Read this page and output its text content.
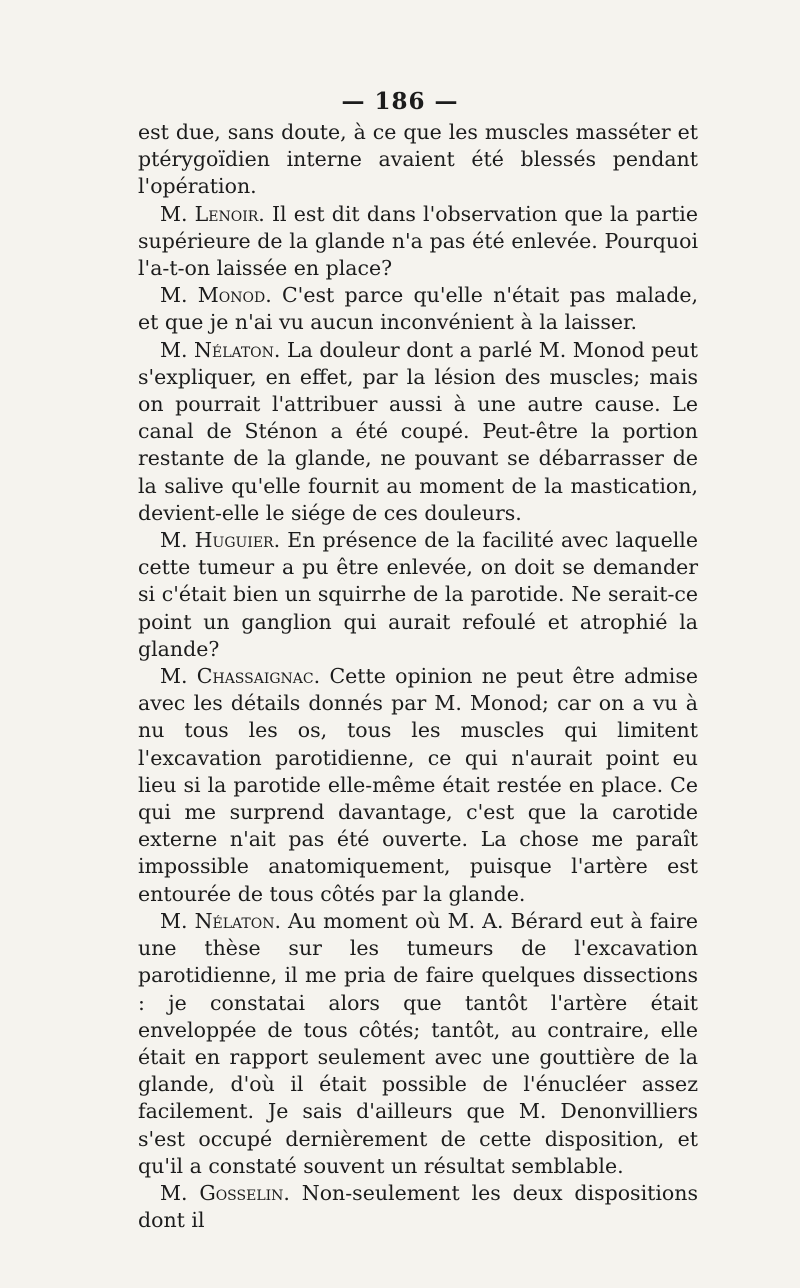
— 186 —

est due, sans doute, à ce que les muscles masséter et ptérygoïdien interne avaient été blessés pendant l'opération.

M. Lenoir. Il est dit dans l'observation que la partie supérieure de la glande n'a pas été enlevée. Pourquoi l'a-t-on laissée en place?

M. Monod. C'est parce qu'elle n'était pas malade, et que je n'ai vu aucun inconvénient à la laisser.

M. Nélaton. La douleur dont a parlé M. Monod peut s'expliquer, en effet, par la lésion des muscles; mais on pourrait l'attribuer aussi à une autre cause. Le canal de Sténon a été coupé. Peut-être la portion restante de la glande, ne pouvant se débarrasser de la salive qu'elle fournit au moment de la mastication, devient-elle le siége de ces douleurs.

M. Huguier. En présence de la facilité avec laquelle cette tumeur a pu être enlevée, on doit se demander si c'était bien un squirrhe de la parotide. Ne serait-ce point un ganglion qui aurait refoulé et atrophié la glande?

M. Chassaignac. Cette opinion ne peut être admise avec les détails donnés par M. Monod; car on a vu à nu tous les os, tous les muscles qui limitent l'excavation parotidienne, ce qui n'aurait point eu lieu si la parotide elle-même était restée en place. Ce qui me surprend davantage, c'est que la carotide externe n'ait pas été ouverte. La chose me paraît impossible anatomiquement, puisque l'artère est entourée de tous côtés par la glande.

M. Nélaton. Au moment où M. A. Bérard eut à faire une thèse sur les tumeurs de l'excavation parotidienne, il me pria de faire quelques dissections : je constatai alors que tantôt l'artère était enveloppée de tous côtés; tantôt, au contraire, elle était en rapport seulement avec une gouttière de la glande, d'où il était possible de l'énucléer assez facilement. Je sais d'ailleurs que M. Denonvilliers s'est occupé dernièrement de cette disposition, et qu'il a constaté souvent un résultat semblable.

M. Gosselin. Non-seulement les deux dispositions dont il
